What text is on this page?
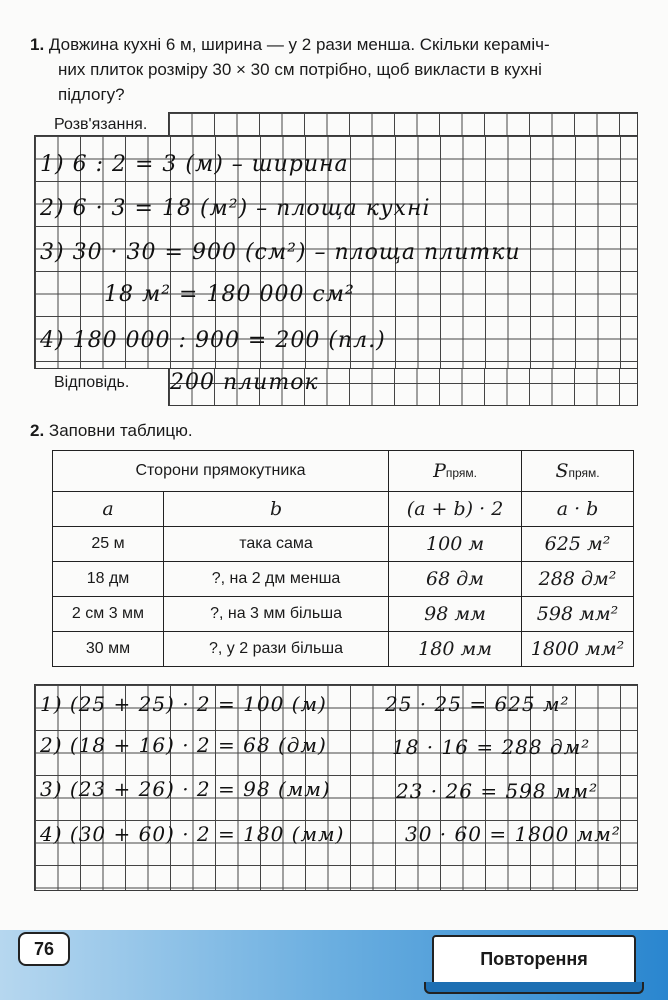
1. Довжина кухні 6 м, ширина — у 2 рази менша. Скільки кераміч-
них плиток розміру 30 × 30 см потрібно, щоб викласти в кухні
підлогу?
Розв'язання.
Відповідь.
1) 6 : 2 = 3 (м) – ширина
2) 6 · 3 = 18 (м²) – площа кухні
3) 30 · 30 = 900 (см²) – площа плитки
18 м² = 180 000 см²
4) 180 000 : 900 = 200 (пл.)
200 плиток
2. Заповни таблицю.
Сторони прямокутника		Pпрям.	Sпрям.
a	b	(a + b) · 2	a · b
25 м	така сама	100 м	625 м²
18 дм	?, на 2 дм менша	68 дм	288 дм²
2 см 3 мм	?, на 3 мм більша	98 мм	598 мм²
30 мм	?, у 2 рази більша	180 мм	1800 мм²
1) (25 + 25) · 2 = 100 (м)
2) (18 + 16) · 2 = 68 (дм)
3) (23 + 26) · 2 = 98 (мм)
4) (30 + 60) · 2 = 180 (мм)
25 · 25 = 625 м²
18 · 16 = 288 дм²
23 · 26 = 598 мм²
30 · 60 = 1800 мм²
76	Повторення
